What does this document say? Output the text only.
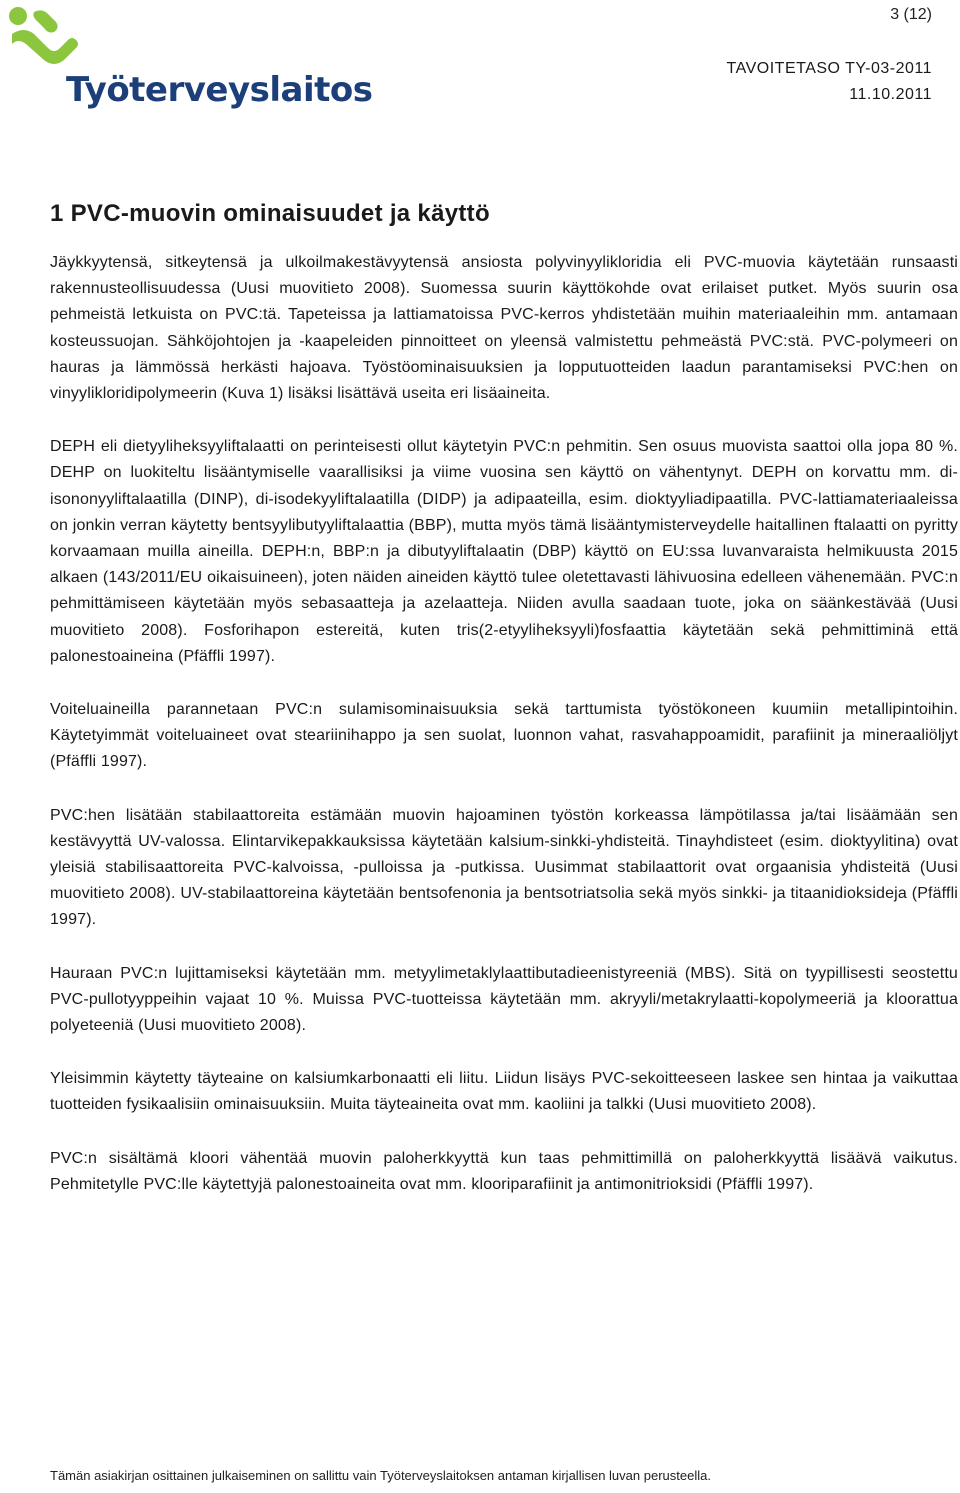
3 (12)
Työterveyslaitos
TAVOITETASO TY-03-2011
11.10.2011
1 PVC-muovin ominaisuudet ja käyttö

Jäykkyytensä, sitkeytensä ja ulkoilmakestävyytensä ansiosta polyvinyylikloridia eli PVC-muovia käytetään runsaasti rakennusteollisuudessa (Uusi muovitieto 2008). Suomessa suurin käyttökohde ovat erilaiset putket. Myös suurin osa pehmeistä letkuista on PVC:tä. Tapeteissa ja lattiamatoissa PVC-kerros yhdistetään muihin materiaaleihin mm. antamaan kosteussuojan. Sähköjohtojen ja -kaapeleiden pinnoitteet on yleensä valmistettu pehmeästä PVC:stä. PVC-polymeeri on hauras ja lämmössä herkästi hajoava. Työstöominaisuuksien ja lopputuotteiden laadun parantamiseksi PVC:hen on vinyylikloridipolymeerin (Kuva 1) lisäksi lisättävä useita eri lisäaineita.

DEPH eli dietyyliheksyyliftalaatti on perinteisesti ollut käytetyin PVC:n pehmitin. Sen osuus muovista saattoi olla jopa 80 %. DEHP on luokiteltu lisääntymiselle vaarallisiksi ja viime vuosina sen käyttö on vähentynyt. DEPH on korvattu mm. di-isononyyliftalaatilla (DINP), di-isodekyyliftalaatilla (DIDP) ja adipaateilla, esim. dioktyyliadipaatilla. PVC-lattiamateriaaleissa on jonkin verran käytetty bentsyylibutyyliftalaattia (BBP), mutta myös tämä lisääntymisterveydelle haitallinen ftalaatti on pyritty korvaamaan muilla aineilla. DEPH:n, BBP:n ja dibutyyliftalaatin (DBP) käyttö on EU:ssa luvanvaraista helmikuusta 2015 alkaen (143/2011/EU oikaisuineen), joten näiden aineiden käyttö tulee oletettavasti lähivuosina edelleen vähenemään. PVC:n pehmittämiseen käytetään myös sebasaatteja ja azelaatteja. Niiden avulla saadaan tuote, joka on säänkestävää (Uusi muovitieto 2008). Fosforihapon estereitä, kuten tris(2-etyyliheksyyli)fosfaattia käytetään sekä pehmittiminä että palonestoaineina (Pfäffli 1997).

Voiteluaineilla parannetaan PVC:n sulamisominaisuuksia sekä tarttumista työstökoneen kuumiin metallipintoihin. Käytetyimmät voiteluaineet ovat steariinihappo ja sen suolat, luonnon vahat, rasvahappoamidit, parafiinit ja mineraaliöljyt (Pfäffli 1997).

PVC:hen lisätään stabilaattoreita estämään muovin hajoaminen työstön korkeassa lämpötilassa ja/tai lisäämään sen kestävyyttä UV-valossa. Elintarvikepakkauksissa käytetään kalsium-sinkki-yhdisteitä. Tinayhdisteet (esim. dioktyylitina) ovat yleisiä stabilisaattoreita PVC-kalvoissa, -pulloissa ja -putkissa. Uusimmat stabilaattorit ovat orgaanisia yhdisteitä (Uusi muovitieto 2008). UV-stabilaattoreina käytetään bentsofenonia ja bentsotriatsolia sekä myös sinkki- ja titaanidioksideja (Pfäffli 1997).

Hauraan PVC:n lujittamiseksi käytetään mm. metyylimetaklylaattibutadieenistyreeniä (MBS). Sitä on tyypillisesti seostettu PVC-pullotyyppeihin vajaat 10 %. Muissa PVC-tuotteissa käytetään mm. akryyli/metakrylaatti-kopolymeeriä ja kloorattua polyeteeniä (Uusi muovitieto 2008).

Yleisimmin käytetty täyteaine on kalsiumkarbonaatti eli liitu. Liidun lisäys PVC-sekoitteeseen laskee sen hintaa ja vaikuttaa tuotteiden fysikaalisiin ominaisuuksiin. Muita täyteaineita ovat mm. kaoliini ja talkki (Uusi muovitieto 2008).

PVC:n sisältämä kloori vähentää muovin paloherkkyyttä kun taas pehmittimillä on paloherkkyyttä lisäävä vaikutus. Pehmitetylle PVC:lle käytettyjä palonestoaineita ovat mm. klooriparafiinit ja antimonitrioksidi (Pfäffli 1997).

Tämän asiakirjan osittainen julkaiseminen on sallittu vain Työterveyslaitoksen antaman kirjallisen luvan perusteella.
